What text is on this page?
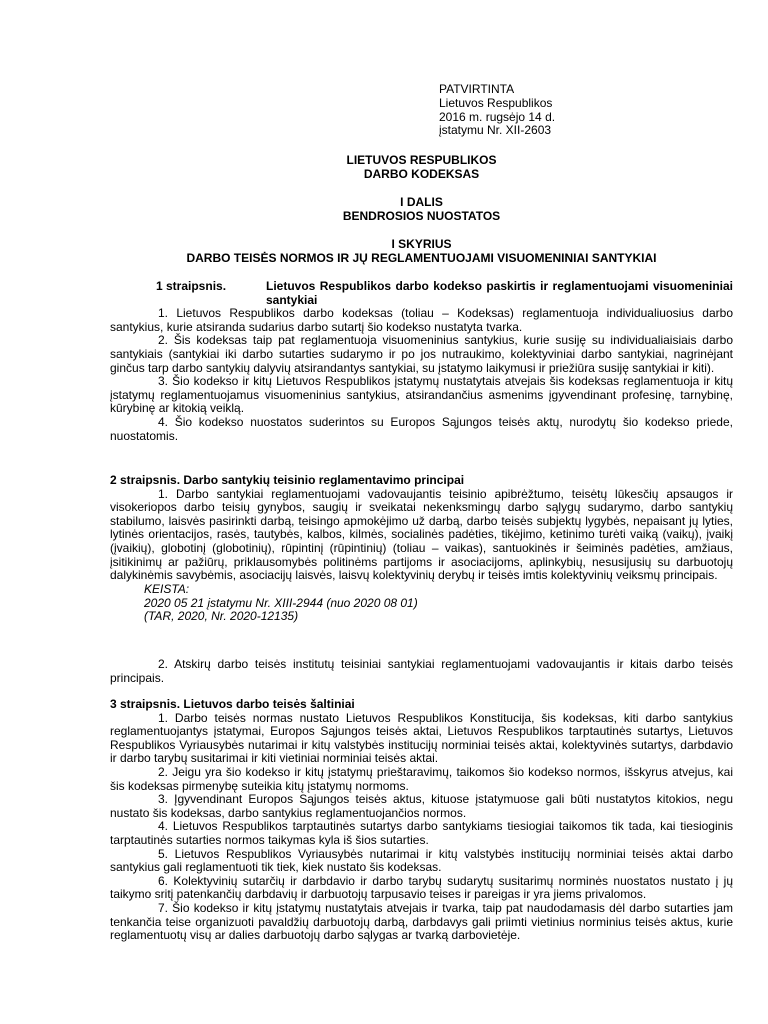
PATVIRTINTA
Lietuvos Respublikos
2016 m. rugsėjo 14 d.
įstatymu Nr. XII-2603
LIETUVOS RESPUBLIKOS
DARBO KODEKSAS
I DALIS
BENDROSIOS NUOSTATOS
I SKYRIUS
DARBO TEISĖS NORMOS IR JŲ REGLAMENTUOJAMI VISUOMENINIAI SANTYKIAI
1 straipsnis.	Lietuvos Respublikos darbo kodekso paskirtis ir reglamentuojami visuomeniniai santykiai

1. Lietuvos Respublikos darbo kodeksas (toliau – Kodeksas) reglamentuoja individualiuosius darbo santykius, kurie atsiranda sudarius darbo sutartį šio kodekso nustatyta tvarka.

2. Šis kodeksas taip pat reglamentuoja visuomeninius santykius, kurie susiję su individualiaisiais darbo santykiais (santykiai iki darbo sutarties sudarymo ir po jos nutraukimo, kolektyviniai darbo santykiai, nagrinėjant ginčus tarp darbo santykių dalyvių atsirandantys santykiai, su įstatymo laikymusi ir priežiūra susiję santykiai ir kiti).

3. Šio kodekso ir kitų Lietuvos Respublikos įstatymų nustatytais atvejais šis kodeksas reglamentuoja ir kitų įstatymų reglamentuojamus visuomeninius santykius, atsirandančius asmenims įgyvendinant profesinę, tarnybinę, kūrybinę ar kitokią veiklą.

4. Šio kodekso nuostatos suderintos su Europos Sąjungos teisės aktų, nurodytų šio kodekso priede, nuostatomis.

2 straipsnis. Darbo santykių teisinio reglamentavimo principai

1. Darbo santykiai reglamentuojami vadovaujantis teisinio apibrėžtumo, teisėtų lūkesčių apsaugos ir visokeriopos darbo teisių gynybos, saugių ir sveikatai nekenksmingų darbo sąlygų sudarymo, darbo santykių stabilumo, laisvės pasirinkti darbą, teisingo apmokėjimo už darbą, darbo teisės subjektų lygybės, nepaisant jų lyties, lytinės orientacijos, rasės, tautybės, kalbos, kilmės, socialinės padėties, tikėjimo, ketinimo turėti vaiką (vaikų), įvaikį (įvaikių), globotinį (globotinių), rūpintinį (rūpintinių) (toliau – vaikas), santuokinės ir šeiminės padėties, amžiaus, įsitikinimų ar pažiūrų, priklausomybės politinėms partijoms ir asociacijoms, aplinkybių, nesusijusių su darbuotojų dalykinėmis savybėmis, asociacijų laisvės, laisvų kolektyvinių derybų ir teisės imtis kolektyvinių veiksmų principais.

KEISTA:
2020 05 21 įstatymu Nr. XIII-2944 (nuo 2020 08 01)
(TAR, 2020, Nr. 2020-12135)

2. Atskirų darbo teisės institutų teisiniai santykiai reglamentuojami vadovaujantis ir kitais darbo teisės principais.

3 straipsnis. Lietuvos darbo teisės šaltiniai

1. Darbo teisės normas nustato Lietuvos Respublikos Konstitucija, šis kodeksas, kiti darbo santykius reglamentuojantys įstatymai, Europos Sąjungos teisės aktai, Lietuvos Respublikos tarptautinės sutartys, Lietuvos Respublikos Vyriausybės nutarimai ir kitų valstybės institucijų norminiai teisės aktai, kolektyvinės sutartys, darbdavio ir darbo tarybų susitarimai ir kiti vietiniai norminiai teisės aktai.

2. Jeigu yra šio kodekso ir kitų įstatymų prieštaravimų, taikomos šio kodekso normos, išskyrus atvejus, kai šis kodeksas pirmenybę suteikia kitų įstatymų normoms.

3. Įgyvendinant Europos Sąjungos teisės aktus, kituose įstatymuose gali būti nustatytos kitokios, negu nustato šis kodeksas, darbo santykius reglamentuojančios normos.

4. Lietuvos Respublikos tarptautinės sutartys darbo santykiams tiesiogiai taikomos tik tada, kai tiesioginis tarptautinės sutarties normos taikymas kyla iš šios sutarties.

5. Lietuvos Respublikos Vyriausybės nutarimai ir kitų valstybės institucijų norminiai teisės aktai darbo santykius gali reglamentuoti tik tiek, kiek nustato šis kodeksas.

6. Kolektyvinių sutarčių ir darbdavio ir darbo tarybų sudarytų susitarimų norminės nuostatos nustato į jų taikymo sritį patenkančių darbdavių ir darbuotojų tarpusavio teises ir pareigas ir yra jiems privalomos.

7. Šio kodekso ir kitų įstatymų nustatytais atvejais ir tvarka, taip pat naudodamasis dėl darbo sutarties jam tenkančia teise organizuoti pavaldžių darbuotojų darbą, darbdavys gali priimti vietinius norminius teisės aktus, kurie reglamentuotų visų ar dalies darbuotojų darbo sąlygas ar tvarką darbovietėje.
